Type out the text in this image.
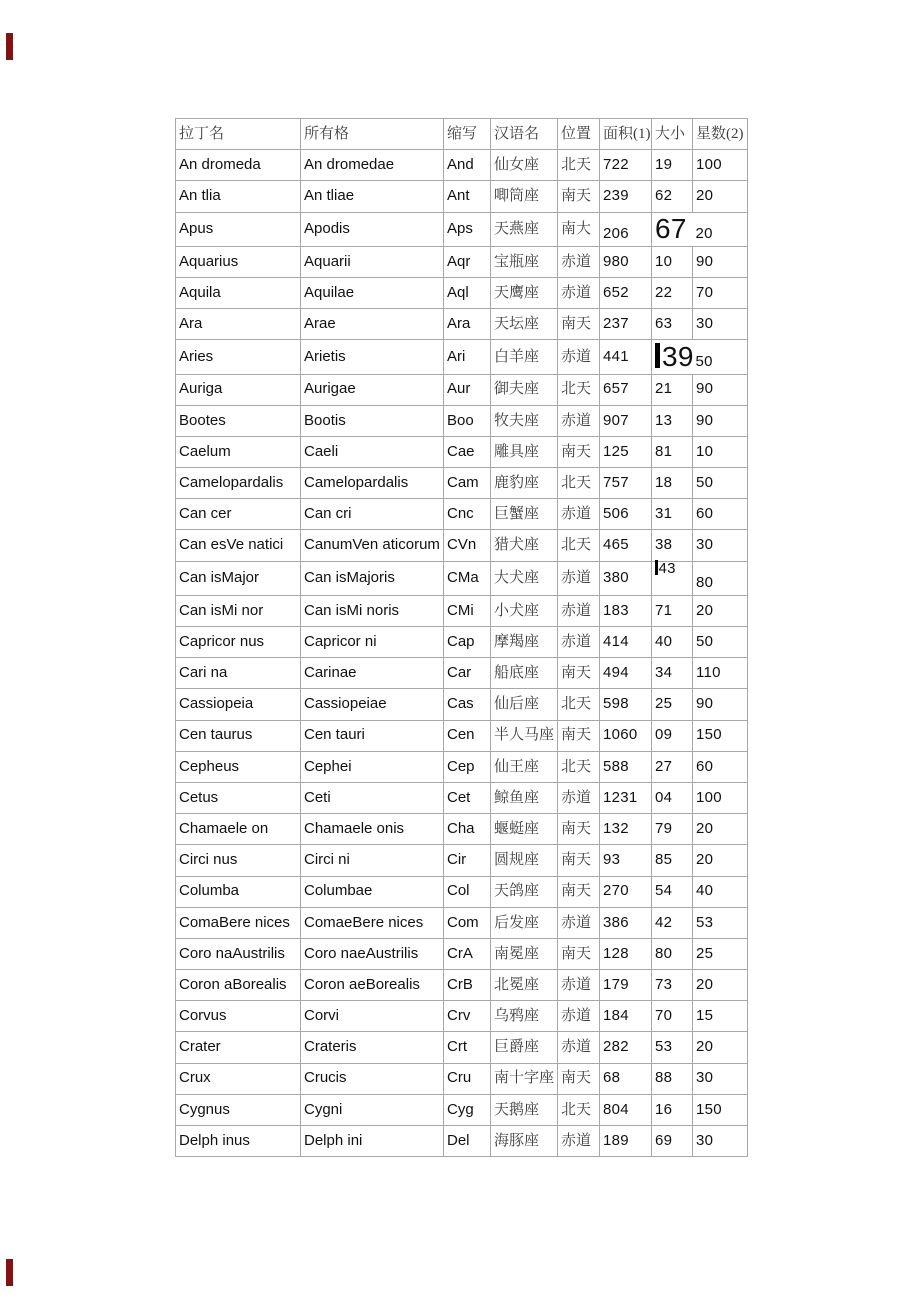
拉丁名	所有格	缩写	汉语名	位置	面积(1)	大小	星数(2)
An dromeda	An dromedae	And	仙女座	北天	722	19	100
An tlia	An tliae	Ant	唧筒座	南天	239	62	20
Apus	Apodis	Aps	天燕座	南大	206	67	20
Aquarius	Aquarii	Aqr	宝瓶座	赤道	980	10	90
Aquila	Aquilae	Aql	天鹰座	赤道	652	22	70
Ara	Arae	Ara	天坛座	南天	237	63	30
Aries	Arietis	Ari	白羊座	赤道	441	39	50
Auriga	Aurigae	Aur	御夫座	北天	657	21	90
Bootes	Bootis	Boo	牧夫座	赤道	907	13	90
Caelum	Caeli	Cae	雕具座	南天	125	81	10
Camelopardalis	Camelopardalis	Cam	鹿豹座	北天	757	18	50
Can cer	Can cri	Cnc	巨蟹座	赤道	506	31	60
Can esVe natici	CanumVen aticorum	CVn	猎犬座	北天	465	38	30
Can isMajor	Can isMajoris	CMa	大犬座	赤道	380	43	80
Can isMi nor	Can isMi noris	CMi	小犬座	赤道	183	71	20
Capricor nus	Capricor ni	Cap	摩羯座	赤道	414	40	50
Cari na	Carinae	Car	船底座	南天	494	34	110
Cassiopeia	Cassiopeiae	Cas	仙后座	北天	598	25	90
Cen taurus	Cen tauri	Cen	半人马座	南天	1060	09	150
Cepheus	Cephei	Cep	仙王座	北天	588	27	60
Cetus	Ceti	Cet	鲸鱼座	赤道	1231	04	100
Chamaele on	Chamaele onis	Cha	蝘蜓座	南天	132	79	20
Circi nus	Circi ni	Cir	圆规座	南天	93	85	20
Columba	Columbae	Col	天鸽座	南天	270	54	40
ComaBere nices	ComaeBere nices	Com	后发座	赤道	386	42	53
Coro naAustrilis	Coro naeAustrilis	CrA	南冕座	南天	128	80	25
Coron aBorealis	Coron aeBorealis	CrB	北冕座	赤道	179	73	20
Corvus	Corvi	Crv	乌鸦座	赤道	184	70	15
Crater	Crateris	Crt	巨爵座	赤道	282	53	20
Crux	Crucis	Cru	南十字座	南天	68	88	30
Cygnus	Cygni	Cyg	天鹅座	北天	804	16	150
Delph inus	Delph ini	Del	海豚座	赤道	189	69	30
